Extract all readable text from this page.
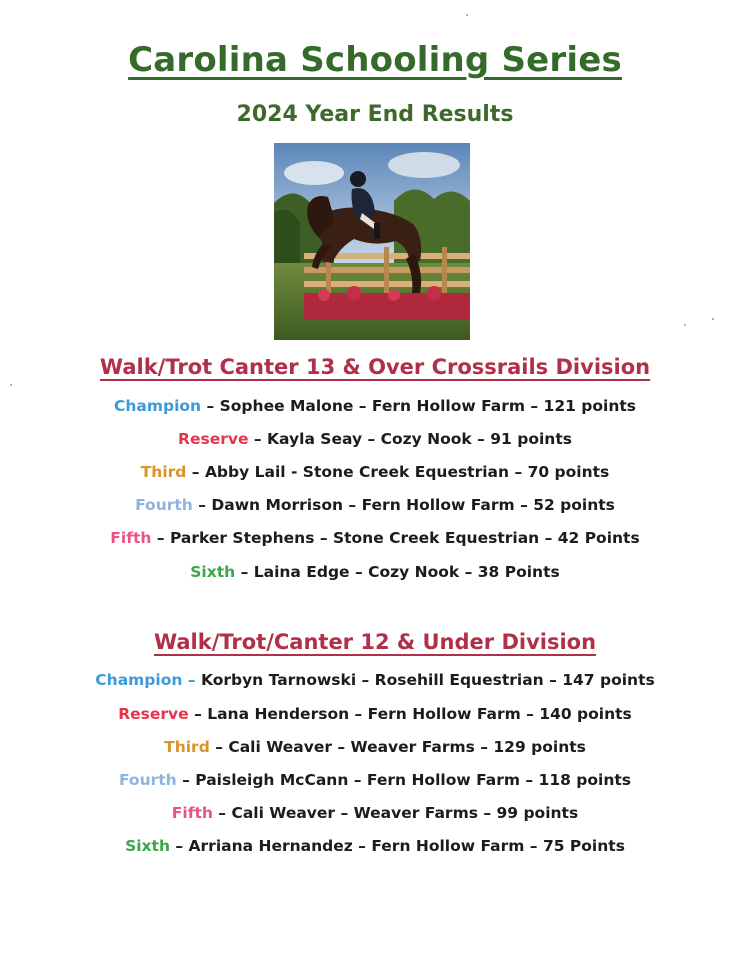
Carolina Schooling Series
2024 Year End Results
Walk/Trot Canter 13 & Over Crossrails Division
Champion – Sophee Malone – Fern Hollow Farm – 121 points
Reserve – Kayla Seay – Cozy Nook – 91 points
Third – Abby Lail - Stone Creek Equestrian – 70 points
Fourth – Dawn Morrison – Fern Hollow Farm – 52 points
Fifth – Parker Stephens – Stone Creek Equestrian – 42 Points
Sixth – Laina Edge – Cozy Nook – 38 Points
Walk/Trot/Canter 12 & Under Division
Champion – Korbyn Tarnowski – Rosehill Equestrian – 147 points
Reserve – Lana Henderson – Fern Hollow Farm – 140 points
Third – Cali Weaver – Weaver Farms – 129 points
Fourth – Paisleigh McCann – Fern Hollow Farm – 118 points
Fifth – Cali Weaver – Weaver Farms – 99 points
Sixth – Arriana Hernandez – Fern Hollow Farm – 75 Points
